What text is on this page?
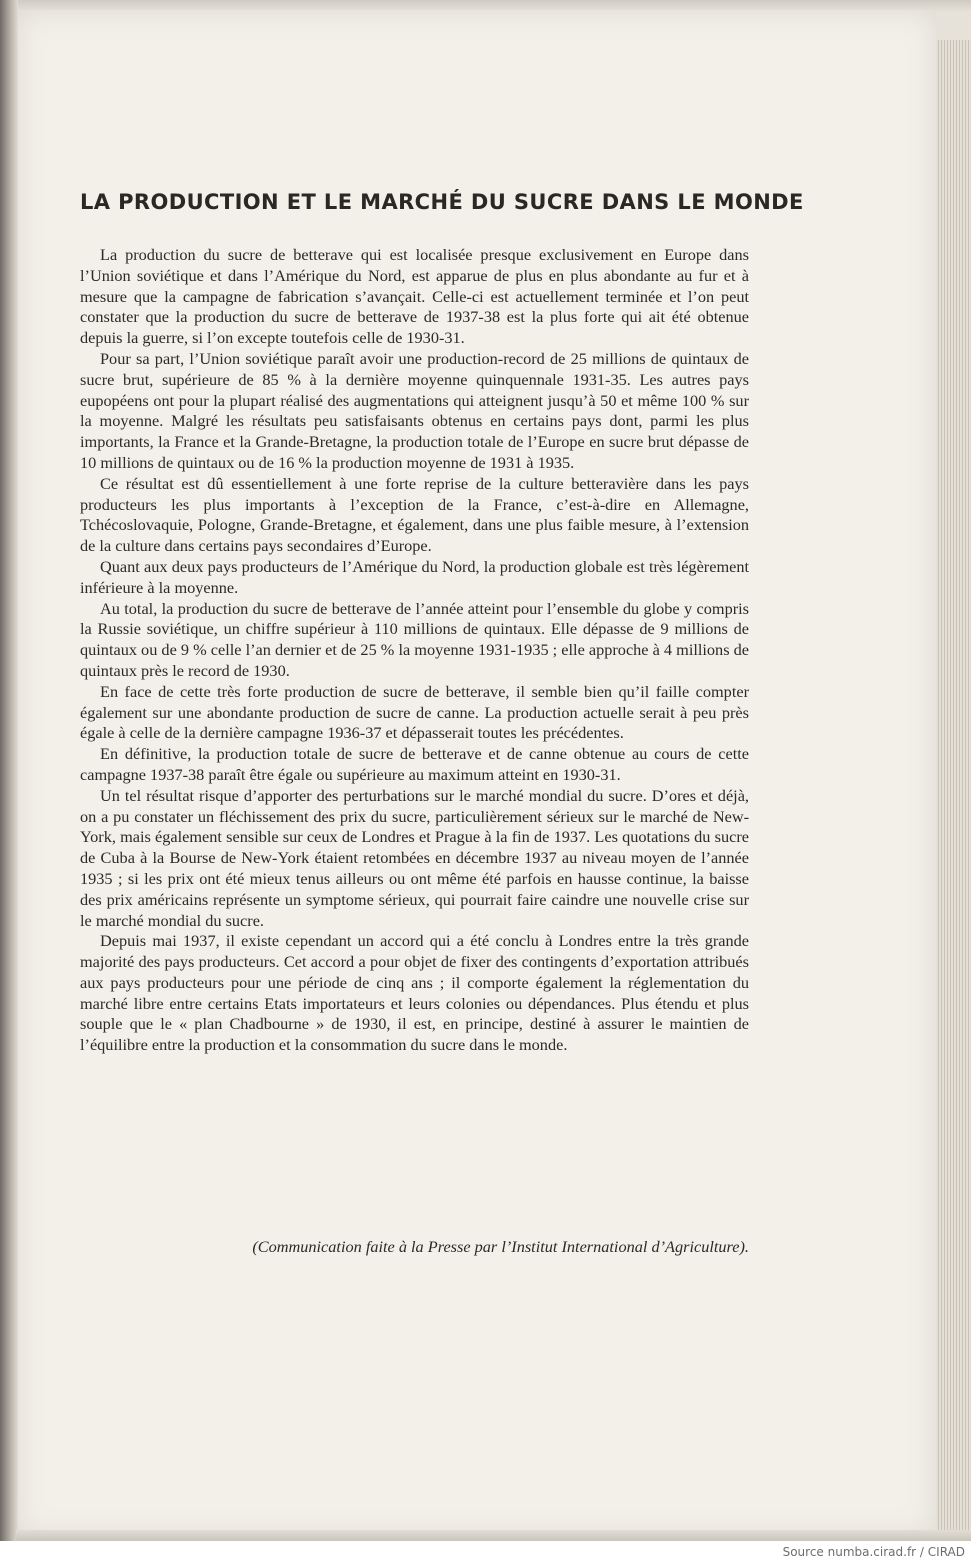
LA PRODUCTION ET LE MARCHÉ DU SUCRE DANS LE MONDE

La production du sucre de betterave qui est localisée presque exclusivement en Europe dans l’Union soviétique et dans l’Amérique du Nord, est apparue de plus en plus abondante au fur et à mesure que la campagne de fabrication s’avançait. Celle-ci est actuellement terminée et l’on peut constater que la production du sucre de betterave de 1937-38 est la plus forte qui ait été obtenue depuis la guerre, si l’on excepte toutefois celle de 1930-31.

Pour sa part, l’Union soviétique paraît avoir une production-record de 25 millions de quintaux de sucre brut, supérieure de 85 % à la dernière moyenne quinquennale 1931-35. Les autres pays eupopéens ont pour la plupart réalisé des augmentations qui atteignent jusqu’à 50 et même 100 % sur la moyenne. Malgré les résultats peu satisfaisants obtenus en certains pays dont, parmi les plus importants, la France et la Grande-Bretagne, la production totale de l’Europe en sucre brut dépasse de 10 millions de quintaux ou de 16 % la production moyenne de 1931 à 1935.

Ce résultat est dû essentiellement à une forte reprise de la culture betteravière dans les pays producteurs les plus importants à l’exception de la France, c’est-à-dire en Allemagne, Tchécoslovaquie, Pologne, Grande-Bretagne, et également, dans une plus faible mesure, à l’extension de la culture dans certains pays secondaires d’Europe.

Quant aux deux pays producteurs de l’Amérique du Nord, la production globale est très légèrement inférieure à la moyenne.

Au total, la production du sucre de betterave de l’année atteint pour l’ensemble du globe y compris la Russie soviétique, un chiffre supérieur à 110 millions de quintaux. Elle dépasse de 9 millions de quintaux ou de 9 % celle l’an dernier et de 25 % la moyenne 1931-1935 ; elle approche à 4 millions de quintaux près le record de 1930.

En face de cette très forte production de sucre de betterave, il semble bien qu’il faille compter également sur une abondante production de sucre de canne. La production actuelle serait à peu près égale à celle de la dernière campagne 1936-37 et dépasserait toutes les précédentes.

En définitive, la production totale de sucre de betterave et de canne obtenue au cours de cette campagne 1937-38 paraît être égale ou supérieure au maximum atteint en 1930-31.

Un tel résultat risque d’apporter des perturbations sur le marché mondial du sucre. D’ores et déjà, on a pu constater un fléchissement des prix du sucre, particulièrement sérieux sur le marché de New-York, mais également sensible sur ceux de Londres et Prague à la fin de 1937. Les quotations du sucre de Cuba à la Bourse de New-York étaient retombées en décembre 1937 au niveau moyen de l’année 1935 ; si les prix ont été mieux tenus ailleurs ou ont même été parfois en hausse continue, la baisse des prix américains représente un symptome sérieux, qui pourrait faire caindre une nouvelle crise sur le marché mondial du sucre.

Depuis mai 1937, il existe cependant un accord qui a été conclu à Londres entre la très grande majorité des pays producteurs. Cet accord a pour objet de fixer des contingents d’exportation attribués aux pays producteurs pour une période de cinq ans ; il comporte également la réglementation du marché libre entre certains Etats importateurs et leurs colonies ou dépendances. Plus étendu et plus souple que le « plan Chadbourne » de 1930, il est, en principe, destiné à assurer le maintien de l’équilibre entre la production et la consommation du sucre dans le monde.

(Communication faite à la Presse par l’Institut International d’Agriculture).
Source numba.cirad.fr / CIRAD
